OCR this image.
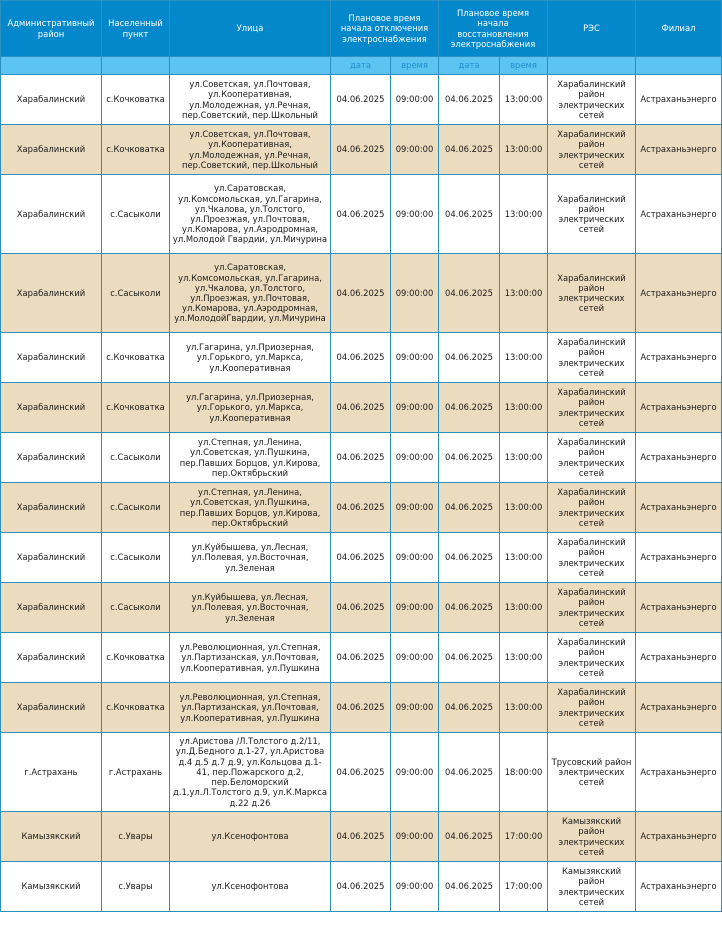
Административный район	Населенный пункт	Улица	Плановое время начала отключения электроснабжения		Плановое время начала восстановления электроснабжения		РЭС	Филиал
			дата	время	дата	время		
Харабалинский	с.Кочковатка	ул.Советская, ул.Почтовая, ул.Кооперативная, ул.Молодежная, ул.Речная, пер.Советский, пер.Школьный	04.06.2025	09:00:00	04.06.2025	13:00:00	Харабалинский район электрических сетей	Астраханьэнерго
Харабалинский	с.Кочковатка	ул.Советская, ул.Почтовая, ул.Кооперативная, ул.Молодежная, ул.Речная, пер.Советский, пер.Школьный	04.06.2025	09:00:00	04.06.2025	13:00:00	Харабалинский район электрических сетей	Астраханьэнерго
Харабалинский	с.Сасыколи	ул.Саратовская, ул.Комсомольская, ул.Гагарина, ул.Чкалова, ул.Толстого, ул.Проезжая, ул.Почтовая, ул.Комарова, ул.Аэродромная, ул.Молодой Гвардии, ул.Мичурина	04.06.2025	09:00:00	04.06.2025	13:00:00	Харабалинский район электрических сетей	Астраханьэнерго
Харабалинский	с.Сасыколи	ул.Саратовская, ул.Комсомольская, ул.Гагарина, ул.Чкалова, ул.Толстого, ул.Проезжая, ул.Почтовая, ул.Комарова, ул.Аэродромная, ул.МолодойГвардии, ул.Мичурина	04.06.2025	09:00:00	04.06.2025	13:00:00	Харабалинский район электрических сетей	Астраханьэнерго
Харабалинский	с.Кочковатка	ул.Гагарина, ул.Приозерная, ул.Горького, ул.Маркса, ул.Кооперативная	04.06.2025	09:00:00	04.06.2025	13:00:00	Харабалинский район электрических сетей	Астраханьэнерго
Харабалинский	с.Кочковатка	ул.Гагарина, ул.Приозерная, ул.Горького, ул.Маркса, ул.Кооперативная	04.06.2025	09:00:00	04.06.2025	13:00:00	Харабалинский район электрических сетей	Астраханьэнерго
Харабалинский	с.Сасыколи	ул.Степная, ул.Ленина, ул.Советская, ул.Пушкина, пер.Павших Борцов, ул.Кирова, пер.Октябрьский	04.06.2025	09:00:00	04.06.2025	13:00:00	Харабалинский район электрических сетей	Астраханьэнерго
Харабалинский	с.Сасыколи	ул.Степная, ул.Ленина, ул.Советская, ул.Пушкина, пер.Павших Борцов, ул.Кирова, пер.Октябрьский	04.06.2025	09:00:00	04.06.2025	13:00:00	Харабалинский район электрических сетей	Астраханьэнерго
Харабалинский	с.Сасыколи	ул.Куйбышева, ул.Лесная, ул.Полевая, ул.Восточная, ул.Зеленая	04.06.2025	09:00:00	04.06.2025	13:00:00	Харабалинский район электрических сетей	Астраханьэнерго
Харабалинский	с.Сасыколи	ул.Куйбышева, ул.Лесная, ул.Полевая, ул.Восточная, ул.Зеленая	04.06.2025	09:00:00	04.06.2025	13:00:00	Харабалинский район электрических сетей	Астраханьэнерго
Харабалинский	с.Кочковатка	ул.Революционная, ул.Степная, ул.Партизанская, ул.Почтовая, ул.Кооперативная, ул.Пушкина	04.06.2025	09:00:00	04.06.2025	13:00:00	Харабалинский район электрических сетей	Астраханьэнерго
Харабалинский	с.Кочковатка	ул.Революционная, ул.Степная, ул.Партизанская, ул.Почтовая, ул.Кооперативная, ул.Пушкина	04.06.2025	09:00:00	04.06.2025	13:00:00	Харабалинский район электрических сетей	Астраханьэнерго
г.Астрахань	г.Астрахань	ул.Аристова /Л.Толстого д.2/11, ул.Д.Бедного д.1-27, ул.Аристова д.4 д.5 д.7 д.9, ул.Кольцова д.1-41, пер.Пожарского д.2, пер.Беломорский д.1,ул.Л.Толстого д.9, ул.К.Маркса д.22 д.26	04.06.2025	09:00:00	04.06.2025	18:00:00	Трусовский район электрических сетей	Астраханьэнерго
Камызякский	с.Увары	ул.Ксенофонтова	04.06.2025	09:00:00	04.06.2025	17:00:00	Камызякский район электрических сетей	Астраханьэнерго
Камызякский	с.Увары	ул.Ксенофонтова	04.06.2025	09:00:00	04.06.2025	17:00:00	Камызякский район электрических сетей	Астраханьэнерго
